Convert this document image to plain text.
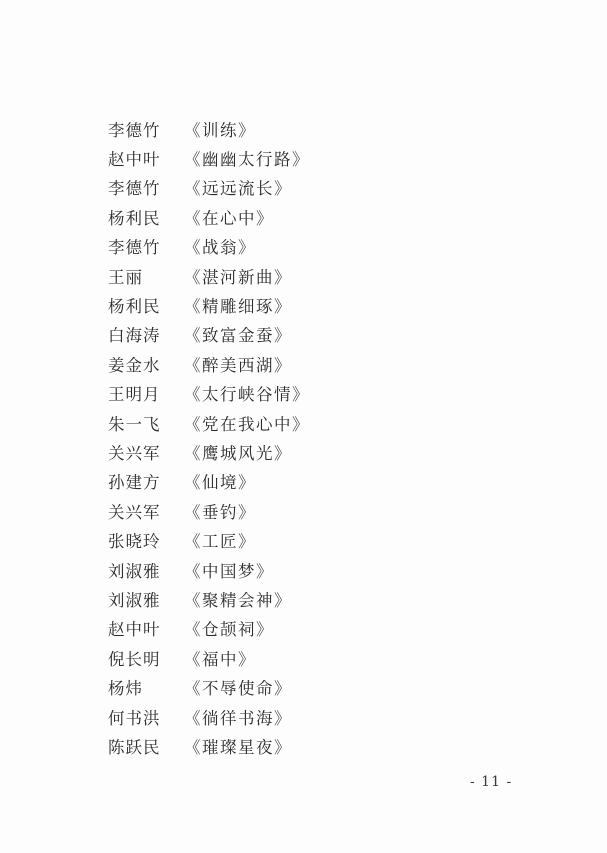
李德竹	《训练》
赵中叶	《幽幽太行路》
李德竹	《远远流长》
杨利民	《在心中》
李德竹	《战翁》
王丽	《湛河新曲》
杨利民	《精雕细琢》
白海涛	《致富金蚕》
姜金水	《醉美西湖》
王明月	《太行峡谷情》
朱一飞	《党在我心中》
关兴军	《鹰城风光》
孙建方	《仙境》
关兴军	《垂钓》
张晓玲	《工匠》
刘淑雅	《中国梦》
刘淑雅	《聚精会神》
赵中叶	《仓颉祠》
倪长明	《福中》
杨炜	《不辱使命》
何书洪	《徜徉书海》
陈跃民	《璀璨星夜》
- 11 -
